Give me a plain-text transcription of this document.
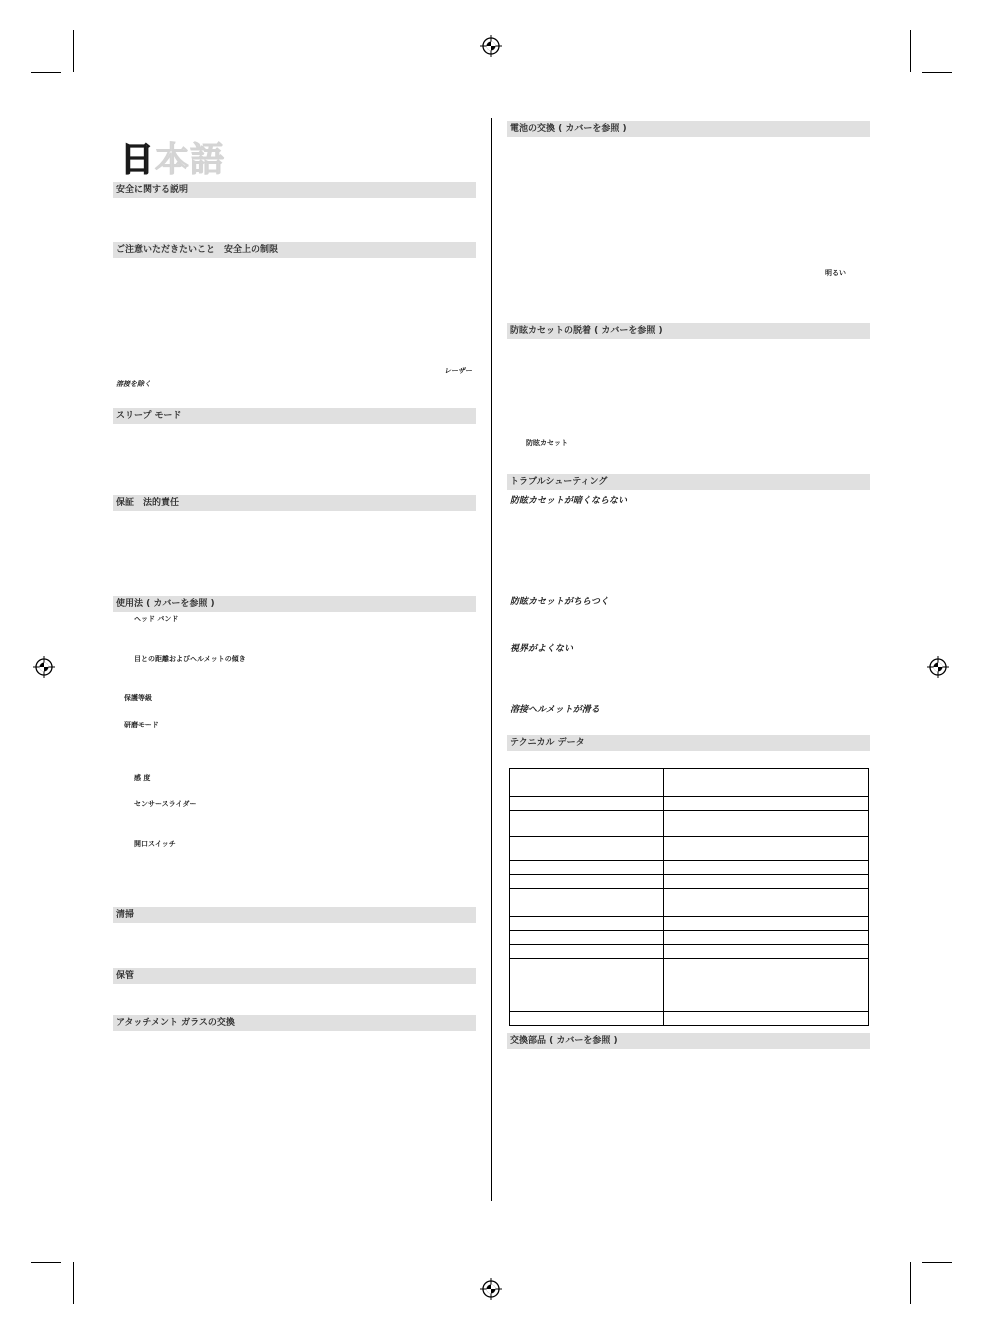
日本語
安全に関する説明
ご注意いただきたいこと　安全上の制限
レーザー
溶接を除く
スリープ モード
保証　法的責任
使用法 ( カバーを参照 )
ヘッド バンド
目との距離およびヘルメットの傾き
保護等級
研磨モード
感 度
センサースライダー
開口スイッチ
清掃
保管
アタッチメント ガラスの交換
電池の交換 ( カバーを参照 )
明るい
防眩カセットの脱着 ( カバーを参照 )
防眩カセット
トラブルシューティング
防眩カセットが暗くならない
防眩カセットがちらつく
視界がよくない
溶接ヘルメットが滑る
テクニカル データ

交換部品 ( カバーを参照 )
